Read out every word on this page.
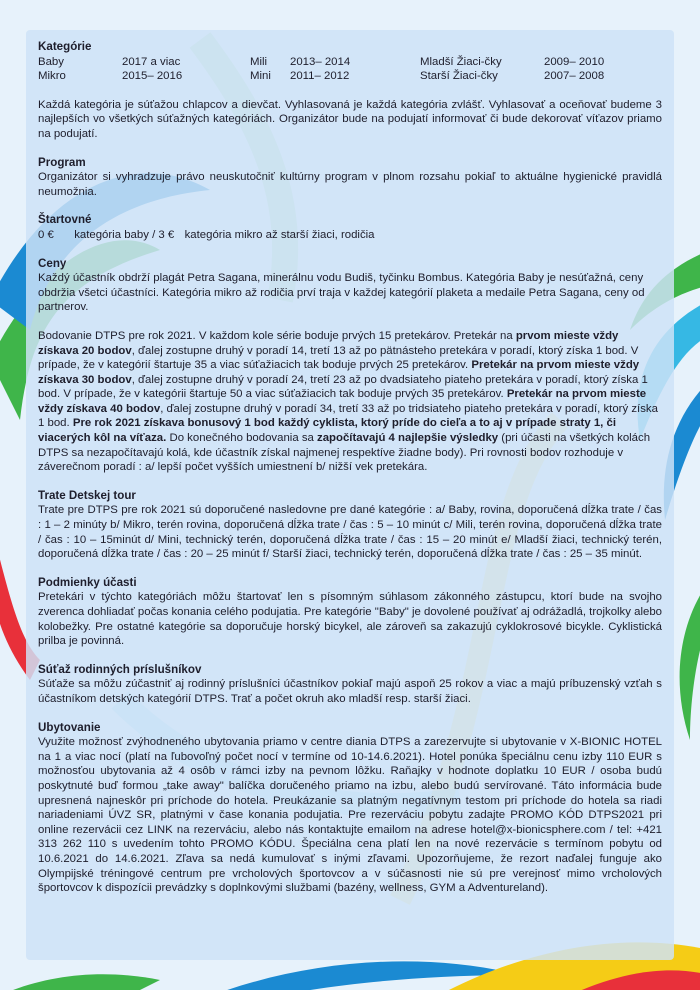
Kategórie
Baby	2017 a viac	Mili	2013– 2014	Mladší Žiaci-čky	2009– 2010
Mikro	2015– 2016	Mini	2011– 2012	Starší Žiaci-čky	2007– 2008

Každá kategória je súťažou chlapcov a dievčat. Vyhlasovaná je každá kategória zvlášť. Vyhlasovať a oceňovať budeme 3 najlepších vo všetkých súťažných kategóriách. Organizátor bude na podujatí informovať či bude dekorovať víťazov priamo na podujatí.

Program

Organizátor si vyhradzuje právo neuskutočniť kultúrny program v plnom rozsahu pokiaľ to aktuálne hygienické pravidlá neumožnia.

Štartovné

0 € kategória baby / 3 € kategória mikro až starší žiaci, rodičia

Ceny

Každý účastník obdrží plagát Petra Sagana, minerálnu vodu Budiš, tyčinku Bombus. Kategória Baby je nesúťažná, ceny obdržia všetci účastníci. Kategória mikro až rodičia prví traja v každej kategórií plaketa a medaile Petra Sagana, ceny od partnerov.

Bodovanie DTPS pre rok 2021. V každom kole série boduje prvých 15 pretekárov. Pretekár na prvom mieste vždy získava 20 bodov, ďalej zostupne druhý v poradí 14, tretí 13 až po pätnásteho pretekára v poradí, ktorý získa 1 bod. V prípade, že v kategórií štartuje 35 a viac súťažiacich tak boduje prvých 25 pretekárov. Pretekár na prvom mieste vždy získava 30 bodov, ďalej zostupne druhý v poradí 24, tretí 23 až po dvadsiateho piateho pretekára v poradí, ktorý získa 1 bod. V prípade, že v kategórii štartuje 50 a viac súťažiacich tak boduje prvých 35 pretekárov. Pretekár na prvom mieste vždy získava 40 bodov, ďalej zostupne druhý v poradí 34, tretí 33 až po tridsiateho piateho pretekára v poradí, ktorý získa 1 bod. Pre rok 2021 získava bonusový 1 bod každý cyklista, ktorý príde do cieľa a to aj v prípade straty 1, či viacerých kôl na víťaza. Do konečného bodovania sa započítavajú 4 najlepšie výsledky (pri účasti na všetkých kolách DTPS sa nezapočítavajú kolá, kde účastník získal najmenej respektíve žiadne body). Pri rovnosti bodov rozhoduje v záverečnom poradí : a/ lepší počet vyšších umiestnení b/ nižší vek pretekára.

Trate Detskej tour

Trate pre DTPS pre rok 2021 sú doporučené nasledovne pre dané kategórie : a/ Baby, rovina, doporučená dĺžka trate / čas : 1 – 2 minúty b/ Mikro, terén rovina, doporučená dĺžka trate / čas : 5 – 10 minút c/ Mili, terén rovina, doporučená dĺžka trate / čas : 10 – 15minút d/ Mini, technický terén, doporučená dĺžka trate / čas : 15 – 20 minút e/ Mladší žiaci, technický terén, doporučená dĺžka trate / čas : 20 – 25 minút f/ Starší žiaci, technický terén, doporučená dĺžka trate / čas : 25 – 35 minút.

Podmienky účasti

Pretekári v týchto kategóriách môžu štartovať len s písomným súhlasom zákonného zástupcu, ktorí bude na svojho zverenca dohliadať počas konania celého podujatia. Pre kategórie "Baby" je dovolené používať aj odrážadlá, trojkolky alebo kolobežky. Pre ostatné kategórie sa doporučuje horský bicykel, ale zároveň sa zakazujú cyklokrosové bicykle. Cyklistická prilba je povinná.

Súťaž rodinných príslušníkov

Súťaže sa môžu zúčastniť aj rodinný príslušníci účastníkov pokiaľ majú aspoň 25 rokov a viac a majú príbuzenský vzťah s účastníkom detských kategórií DTPS. Trať a počet okruh ako mladší resp. starší žiaci.

Ubytovanie

Využite možnosť zvýhodneného ubytovania priamo v centre diania DTPS a zarezervujte si ubytovanie v X-BIONIC HOTEL na 1 a viac nocí (platí na ľubovoľný počet nocí v termíne od 10-14.6.2021). Hotel ponúka špeciálnu cenu izby 110 EUR s možnosťou ubytovania až 4 osôb v rámci izby na pevnom lôžku. Raňajky v hodnote doplatku 10 EUR / osoba budú poskytnuté buď formou „take away" balíčka doručeného priamo na izbu, alebo budú servírované. Táto informácia bude upresnená najneskôr pri príchode do hotela. Preukázanie sa platným negatívnym testom pri príchode do hotela sa riadi nariadeniami ÚVZ SR, platnými v čase konania podujatia. Pre rezerváciu pobytu zadajte PROMO KÓD DTPS2021 pri online rezervácii cez LINK na rezerváciu, alebo nás kontaktujte emailom na adrese hotel@x-bionicsphere.com / tel: +421 313 262 110 s uvedením tohto PROMO KÓDU. Špeciálna cena platí len na nové rezervácie s termínom pobytu od 10.6.2021 do 14.6.2021. Zľava sa nedá kumulovať s inými zľavami. Upozorňujeme, že rezort naďalej funguje ako Olympijské tréningové centrum pre vrcholových športovcov a v súčasnosti nie sú pre verejnosť mimo vrcholových športovcov k dispozícii prevádzky s doplnkovými službami (bazény, wellness, GYM a Adventureland).
